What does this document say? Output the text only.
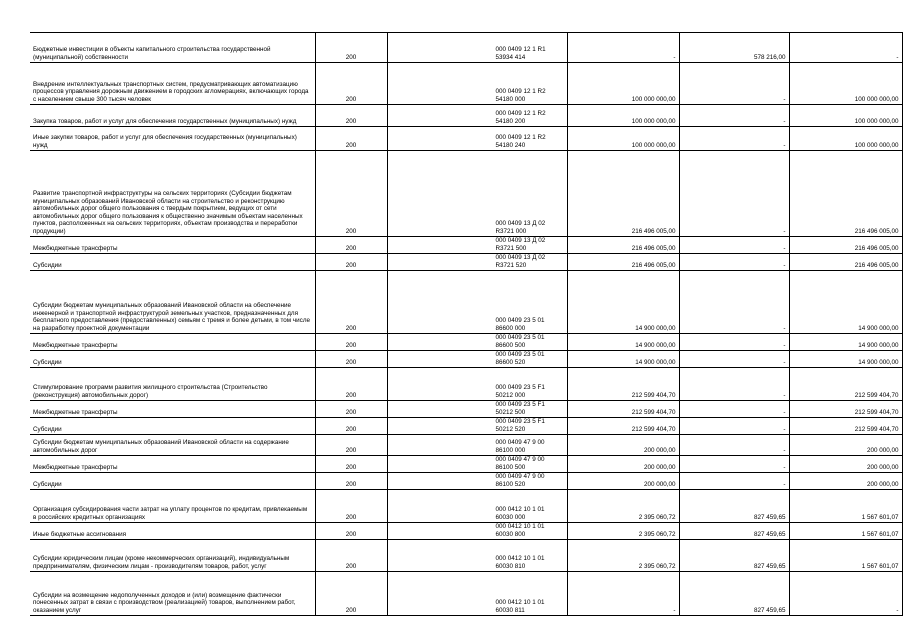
Бюджетные инвестиции в объекты капитального строительства государственной (муниципальной) собственности	200	000 0409 12 1 R1 53934 414	-	578 216,00	-
Внедрение интеллектуальных транспортных систем, предусматривающих автоматизацию процессов управления дорожным движением в городских агломерациях, включающих города с населением свыше 300 тысяч человек	200	000 0409 12 1 R2 54180 000	100 000 000,00	-	100 000 000,00
Закупка товаров, работ и услуг для обеспечения государственных (муниципальных) нужд	200	000 0409 12 1 R2 54180 200	100 000 000,00	-	100 000 000,00
Иные закупки товаров, работ и услуг для обеспечения государственных (муниципальных) нужд	200	000 0409 12 1 R2 54180 240	100 000 000,00	-	100 000 000,00
Развитие транспортной инфраструктуры на сельских территориях (Субсидии бюджетам муниципальных образований Ивановской области на строительство и реконструкцию автомобильных дорог общего пользования с твердым покрытием, ведущих от сети автомобильных дорог общего пользования к общественно значимым объектам населенных пунктов, расположенных на сельских территориях, объектам производства и переработки продукции)	200	000 0409 13 Д 02 R3721 000	216 496 005,00	-	216 496 005,00
Межбюджетные трансферты	200	000 0409 13 Д 02 R3721 500	216 496 005,00	-	216 496 005,00
Субсидии	200	000 0409 13 Д 02 R3721 520	216 496 005,00	-	216 496 005,00
Субсидии бюджетам муниципальных образований Ивановской области на обеспечение инженерной и транспортной инфраструктурой земельных участков, предназначенных для бесплатного предоставления (предоставленных) семьям с тремя и более детьми, в том числе на разработку проектной документации	200	000 0409 23 5 01 86600 000	14 900 000,00	-	14 900 000,00
Межбюджетные трансферты	200	000 0409 23 5 01 86600 500	14 900 000,00	-	14 900 000,00
Субсидии	200	000 0409 23 5 01 86600 520	14 900 000,00	-	14 900 000,00
Стимулирование программ развития жилищного строительства (Строительство (реконструкция) автомобильных дорог)	200	000 0409 23 5 F1 50212 000	212 599 404,70	-	212 599 404,70
Межбюджетные трансферты	200	000 0409 23 5 F1 50212 500	212 599 404,70	-	212 599 404,70
Субсидии	200	000 0409 23 5 F1 50212 520	212 599 404,70	-	212 599 404,70
Субсидии бюджетам муниципальных образований Ивановской области на содержание автомобильных дорог	200	000 0409 47 9 00 86100 000	200 000,00	-	200 000,00
Межбюджетные трансферты	200	000 0409 47 9 00 86100 500	200 000,00	-	200 000,00
Субсидии	200	000 0409 47 9 00 86100 520	200 000,00	-	200 000,00
Организация субсидирования части затрат на уплату процентов по кредитам, привлекаемым в российских кредитных организациях	200	000 0412 10 1 01 60030 000	2 395 060,72	827 459,65	1 567 601,07
Иные бюджетные ассигнования	200	000 0412 10 1 01 60030 800	2 395 060,72	827 459,65	1 567 601,07
Субсидии юридическим лицам (кроме некоммерческих организаций), индивидуальным предпринимателям, физическим лицам - производителям товаров, работ, услуг	200	000 0412 10 1 01 60030 810	2 395 060,72	827 459,65	1 567 601,07
Субсидии на возмещение недополученных доходов и (или) возмещение фактически понесенных затрат в связи с производством (реализацией) товаров, выполнением работ, оказанием услуг	200	000 0412 10 1 01 60030 811	-	827 459,65	-
